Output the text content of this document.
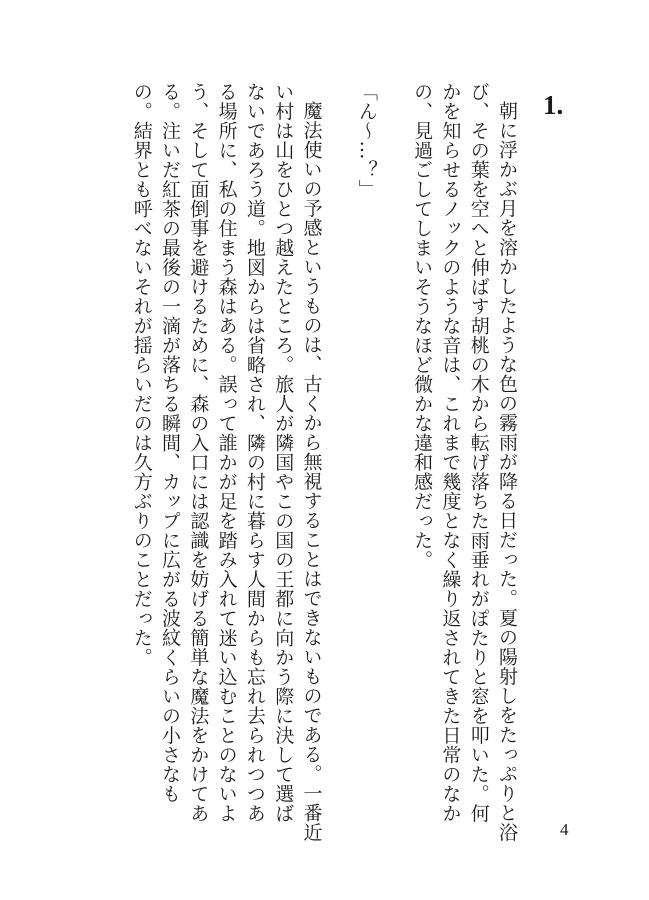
1.

朝に浮かぶ月を溶かしたような色の霧雨が降る日だった。夏の陽射しをたっぷりと浴び、その葉を空へと伸ばす胡桃の木から転げ落ちた雨垂れがぽたりと窓を叩いた。何かを知らせるノックのような音は、これまで幾度となく繰り返されてきた日常のなかの、見過ごしてしまいそうなほど微かな違和感だった。

「ん〜…？」

魔法使いの予感というものは、古くから無視することはできないものである。一番近い村は山をひとつ越えたところ。旅人が隣国やこの国の王都に向かう際に決して選ばないであろう道。地図からは省略され、隣の村に暮らす人間からも忘れ去られつつある場所に、私の住まう森はある。誤って誰かが足を踏み入れて迷い込むことのないよう、そして面倒事を避けるために、森の入口には認識を妨げる簡単な魔法をかけてある。注いだ紅茶の最後の一滴が落ちる瞬間、カップに広がる波紋くらいの小さなもの。結界とも呼べないそれが揺らいだのは久方ぶりのことだった。

4
